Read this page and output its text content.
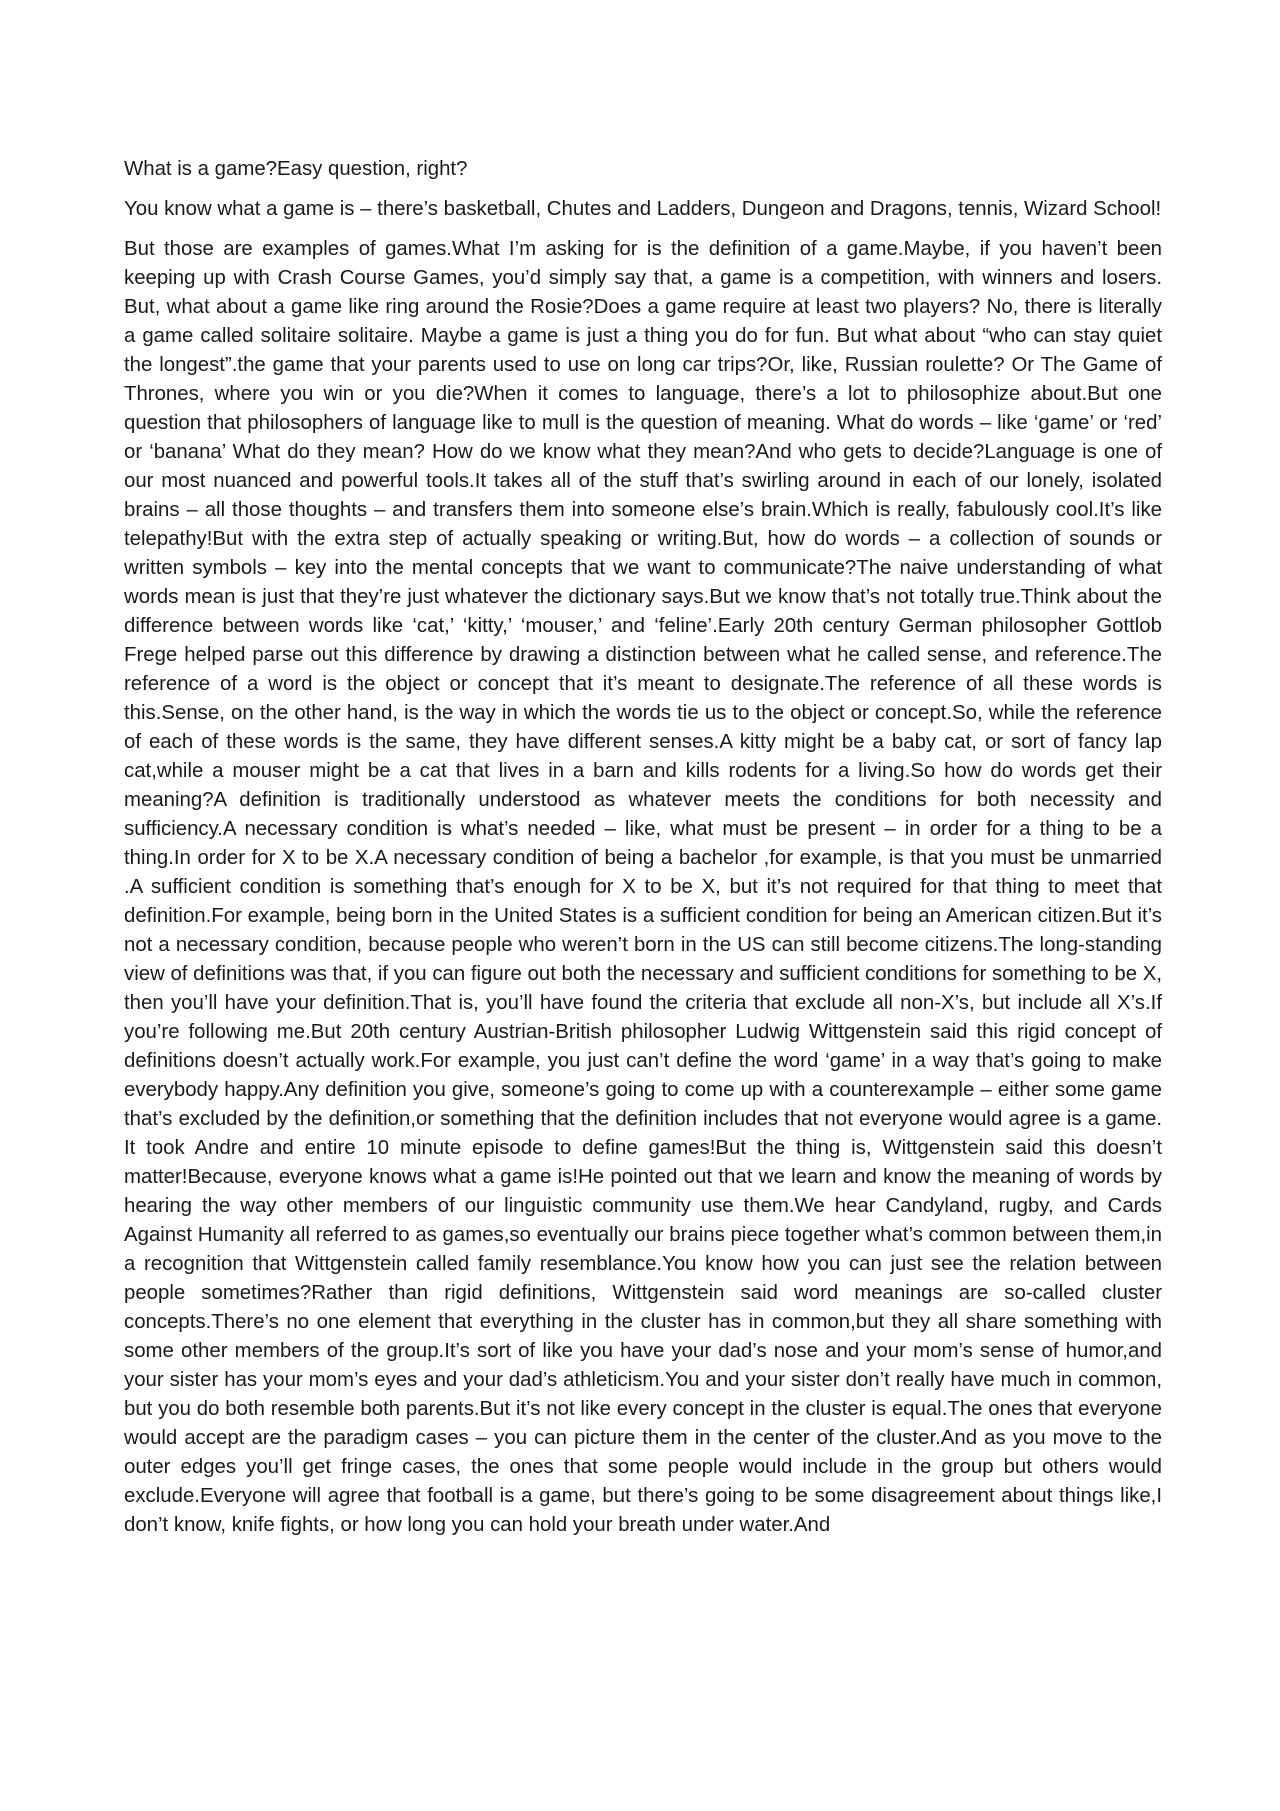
What is a game?Easy question, right?

You know what a game is – there’s basketball, Chutes and Ladders, Dungeon and Dragons, tennis, Wizard School!

But those are examples of games.What I’m asking for is the definition of a game.Maybe, if you haven’t been keeping up with Crash Course Games, you’d simply say that, a game is a competition, with winners and losers. But, what about a game like ring around the Rosie?Does a game require at least two players? No, there is literally a game called solitaire solitaire. Maybe a game is just a thing you do for fun. But what about “who can stay quiet the longest”.the game that your parents used to use on long car trips?Or, like, Russian roulette? Or The Game of Thrones, where you win or you die?When it comes to language, there’s a lot to philosophize about.But one question that philosophers of language like to mull is the question of meaning. What do words – like ‘game’ or ‘red’ or ‘banana’ What do they mean? How do we know what they mean?And who gets to decide?Language is one of our most nuanced and powerful tools.It takes all of the stuff that’s swirling around in each of our lonely, isolated brains – all those thoughts – and transfers them into someone else’s brain.Which is really, fabulously cool.It’s like telepathy!But with the extra step of actually speaking or writing.But, how do words – a collection of sounds or written symbols – key into the mental concepts that we want to communicate?The naive understanding of what words mean is just that they’re just whatever the dictionary says.But we know that’s not totally true.Think about the difference between words like ‘cat,’ ‘kitty,’ ‘mouser,’ and ‘feline’.Early 20th century German philosopher Gottlob Frege helped parse out this difference by drawing a distinction between what he called sense, and reference.The reference of a word is the object or concept that it’s meant to designate.The reference of all these words is this.Sense, on the other hand, is the way in which the words tie us to the object or concept.So, while the reference of each of these words is the same, they have different senses.A kitty might be a baby cat, or sort of fancy lap cat,while a mouser might be a cat that lives in a barn and kills rodents for a living.So how do words get their meaning?A definition is traditionally understood as whatever meets the conditions for both necessity and sufficiency.A necessary condition is what’s needed – like, what must be present – in order for a thing to be a thing.In order for X to be X.A necessary condition of being a bachelor ,for example, is that you must be unmarried .A sufficient condition is something that’s enough for X to be X, but it’s not required for that thing to meet that definition.For example, being born in the United States is a sufficient condition for being an American citizen.But it’s not a necessary condition, because people who weren’t born in the US can still become citizens.The long-standing view of definitions was that, if you can figure out both the necessary and sufficient conditions for something to be X, then you’ll have your definition.That is, you’ll have found the criteria that exclude all non-X’s, but include all X’s.If you’re following me.But 20th century Austrian-British philosopher Ludwig Wittgenstein said this rigid concept of definitions doesn’t actually work.For example, you just can’t define the word ‘game’ in a way that’s going to make everybody happy.Any definition you give, someone’s going to come up with a counterexample – either some game that’s excluded by the definition,or something that the definition includes that not everyone would agree is a game. It took Andre and entire 10 minute episode to define games!But the thing is, Wittgenstein said this doesn’t matter!Because, everyone knows what a game is!He pointed out that we learn and know the meaning of words by hearing the way other members of our linguistic community use them.We hear Candyland, rugby, and Cards Against Humanity all referred to as games,so eventually our brains piece together what’s common between them,in a recognition that Wittgenstein called family resemblance.You know how you can just see the relation between people sometimes?Rather than rigid definitions, Wittgenstein said word meanings are so-called cluster concepts.There’s no one element that everything in the cluster has in common,but they all share something with some other members of the group.It’s sort of like you have your dad’s nose and your mom’s sense of humor,and your sister has your mom’s eyes and your dad’s athleticism.You and your sister don’t really have much in common, but you do both resemble both parents.But it’s not like every concept in the cluster is equal.The ones that everyone would accept are the paradigm cases – you can picture them in the center of the cluster.And as you move to the outer edges you’ll get fringe cases, the ones that some people would include in the group but others would exclude.Everyone will agree that football is a game, but there’s going to be some disagreement about things like,I don’t know, knife fights, or how long you can hold your breath under water.And
